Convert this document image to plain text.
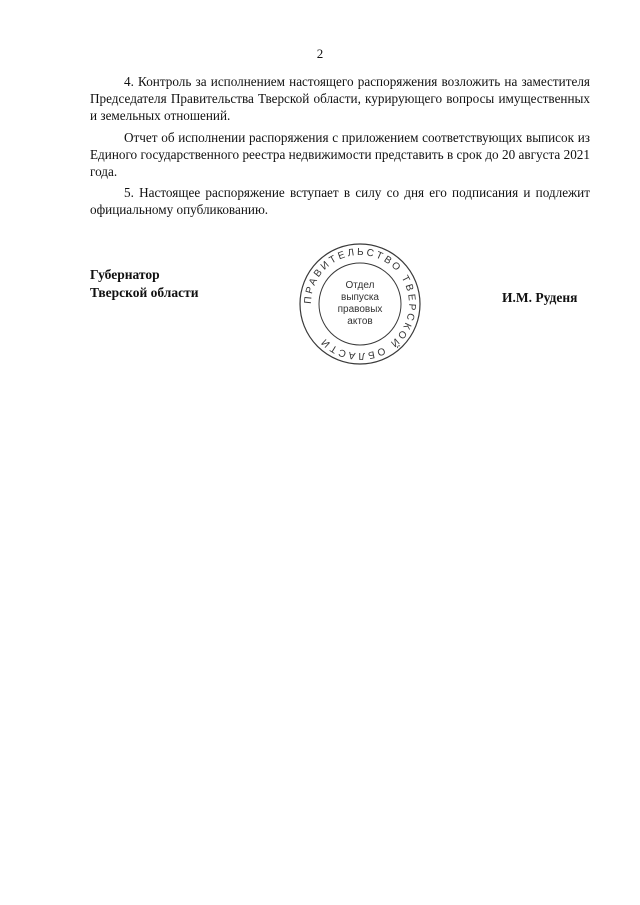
2

4. Контроль за исполнением настоящего распоряжения возложить на заместителя Председателя Правительства Тверской области, курирующего вопросы имущественных и земельных отношений.

Отчет об исполнении распоряжения с приложением соответствующих выписок из Единого государственного реестра недвижимости представить в срок до 20 августа 2021 года.

5. Настоящее распоряжение вступает в силу со дня его подписания и подлежит официальному опубликованию.

Губернатор
Тверской области	ПРАВИТЕЛЬСТВО ТВЕРСКОЙ ОБЛАСТИ
Отдел
выпуска
правовых
актов
И.М. Руденя
